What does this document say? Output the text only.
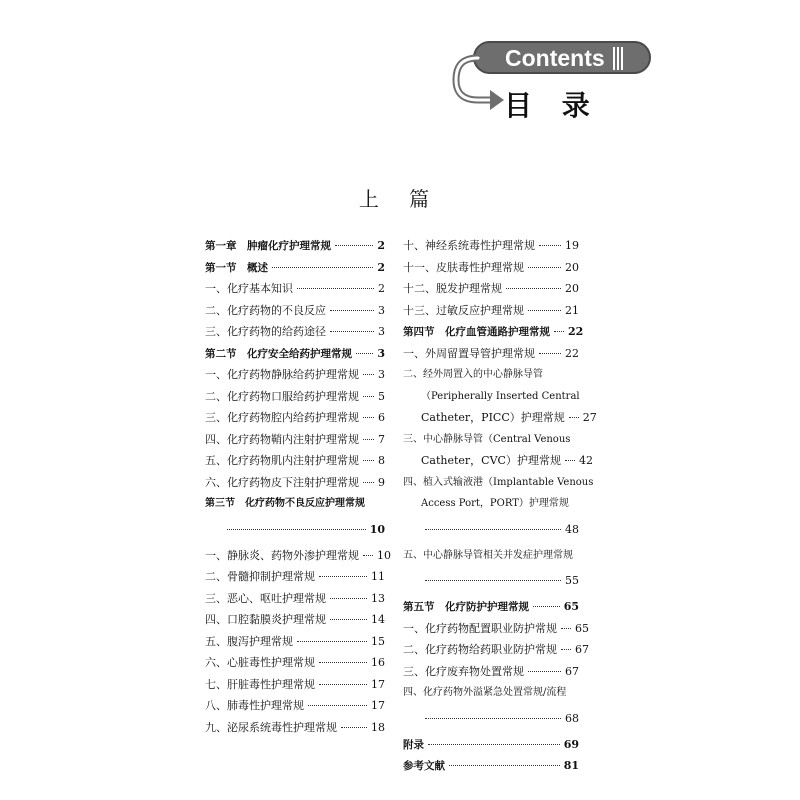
Contents
目 录
上 篇
第一章　肿瘤化疗护理常规	2
第一节　概述	2
一、化疗基本知识	2
二、化疗药物的不良反应	3
三、化疗药物的给药途径	3
第二节　化疗安全给药护理常规 3
一、化疗药物静脉给药护理常规 3
二、化疗药物口服给药护理常规 5
三、化疗药物腔内给药护理常规 6
四、化疗药物鞘内注射护理常规 7
五、化疗药物肌内注射护理常规 8
六、化疗药物皮下注射护理常规 9
第三节　化疗药物不良反应护理常规
10
一、静脉炎、药物外渗护理常规 10
二、骨髓抑制护理常规	11
三、恶心、呕吐护理常规	13
四、口腔黏膜炎护理常规	14
五、腹泻护理常规	15
六、心脏毒性护理常规	16
七、肝脏毒性护理常规	17
八、肺毒性护理常规	17
九、泌尿系统毒性护理常规	18
十、神经系统毒性护理常规	19
十一、皮肤毒性护理常规	20
十二、脱发护理常规	20
十三、过敏反应护理常规	21
第四节　化疗血管通路护理常规 22
一、外周留置导管护理常规	22
二、经外周置入的中心静脉导管
（Peripherally Inserted Central
Catheter，PICC）护理常规 27
三、中心静脉导管（Central Venous
Catheter，CVC）护理常规 42
四、植入式输液港（Implantable Venous
Access Port，PORT）护理常规
48
五、中心静脉导管相关并发症护理常规
55
第五节　化疗防护护理常规	65
一、化疗药物配置职业防护常规 65
二、化疗药物给药职业防护常规 67
三、化疗废弃物处置常规	67
四、化疗药物外溢紧急处置常规/流程
68
附录	69
参考文献	81
